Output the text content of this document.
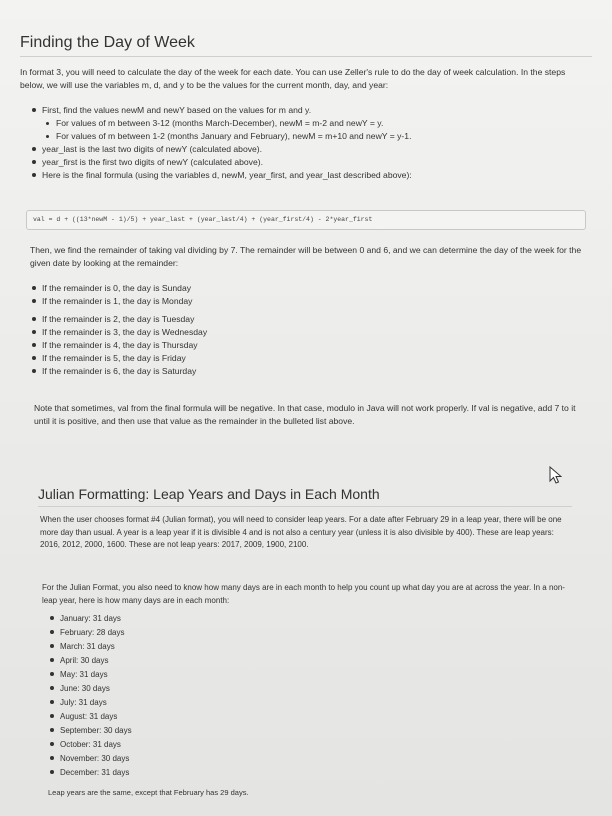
Finding the Day of Week

In format 3, you will need to calculate the day of the week for each date. You can use Zeller's rule to do the day of week calculation. In the steps below, we will use the variables m, d, and y to be the values for the current month, day, and year:

First, find the values newM and newY based on the values for m and y.
For values of m between 3-12 (months March-December), newM = m-2 and newY = y.
For values of m between 1-2 (months January and February), newM = m+10 and newY = y-1.
year_last is the last two digits of newY (calculated above).
year_first is the first two digits of newY (calculated above).
Here is the final formula (using the variables d, newM, year_first, and year_last described above):
val = d + ((13*newM - 1)/5) + year_last + (year_last/4) + (year_first/4) - 2*year_first

Then, we find the remainder of taking val dividing by 7. The remainder will be between 0 and 6, and we can determine the day of the week for the given date by looking at the remainder:

If the remainder is 0, the day is Sunday
If the remainder is 1, the day is Monday
If the remainder is 2, the day is Tuesday
If the remainder is 3, the day is Wednesday
If the remainder is 4, the day is Thursday
If the remainder is 5, the day is Friday
If the remainder is 6, the day is Saturday

Note that sometimes, val from the final formula will be negative. In that case, modulo in Java will not work properly. If val is negative, add 7 to it until it is positive, and then use that value as the remainder in the bulleted list above.

Julian Formatting: Leap Years and Days in Each Month

When the user chooses format #4 (Julian format), you will need to consider leap years. For a date after February 29 in a leap year, there will be one more day than usual. A year is a leap year if it is divisible 4 and is not also a century year (unless it is also divisible by 400). These are leap years: 2016, 2012, 2000, 1600. These are not leap years: 2017, 2009, 1900, 2100.

For the Julian Format, you also need to know how many days are in each month to help you count up what day you are at across the year. In a non-leap year, here is how many days are in each month:

January: 31 days
February: 28 days
March: 31 days
April: 30 days
May: 31 days
June: 30 days
July: 31 days
August: 31 days
September: 30 days
October: 31 days
November: 30 days
December: 31 days

Leap years are the same, except that February has 29 days.
